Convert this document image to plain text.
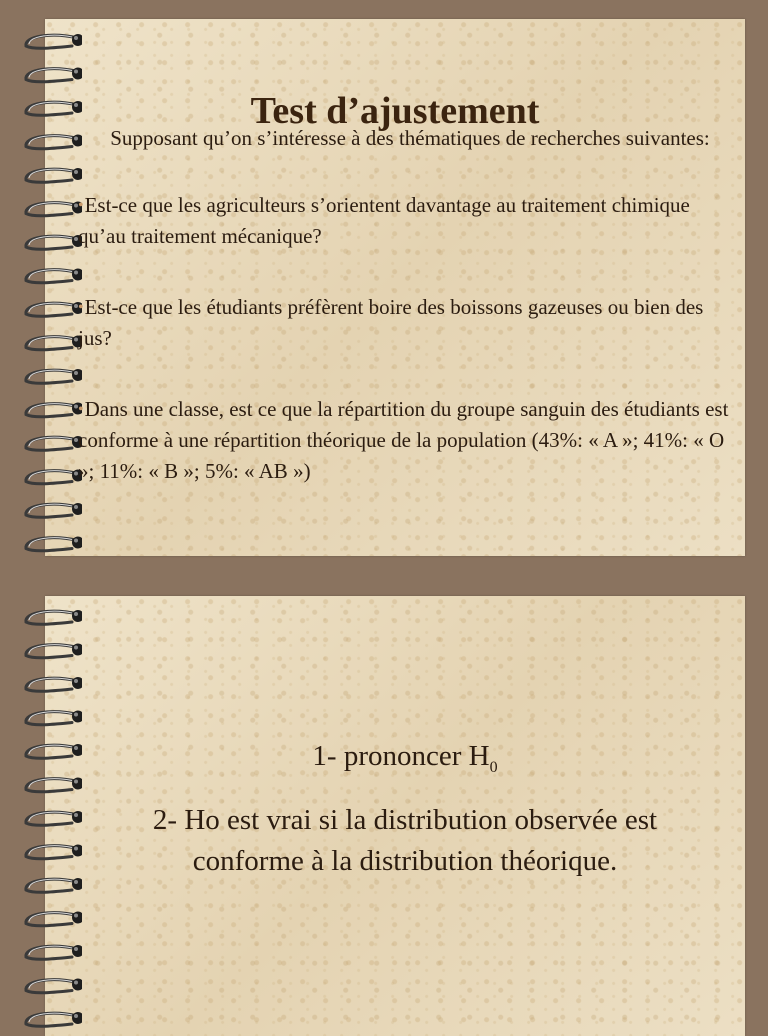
Test d’ajustement

Supposant qu’on s’intéresse à des thématiques de recherches suivantes:

•Est-ce que les agriculteurs s’orientent davantage au traitement chimique qu’au traitement mécanique?
•Est-ce que les étudiants préfèrent boire des boissons gazeuses ou bien des jus?
•Dans une classe, est ce que la répartition du groupe sanguin des étudiants est conforme à une répartition théorique de la population (43%: « A »; 41%: « O »; 11%: « B »; 5%: « AB »)

1- prononcer $H_0$

2- Ho est vrai si la distribution observée est conforme à la distribution théorique.
